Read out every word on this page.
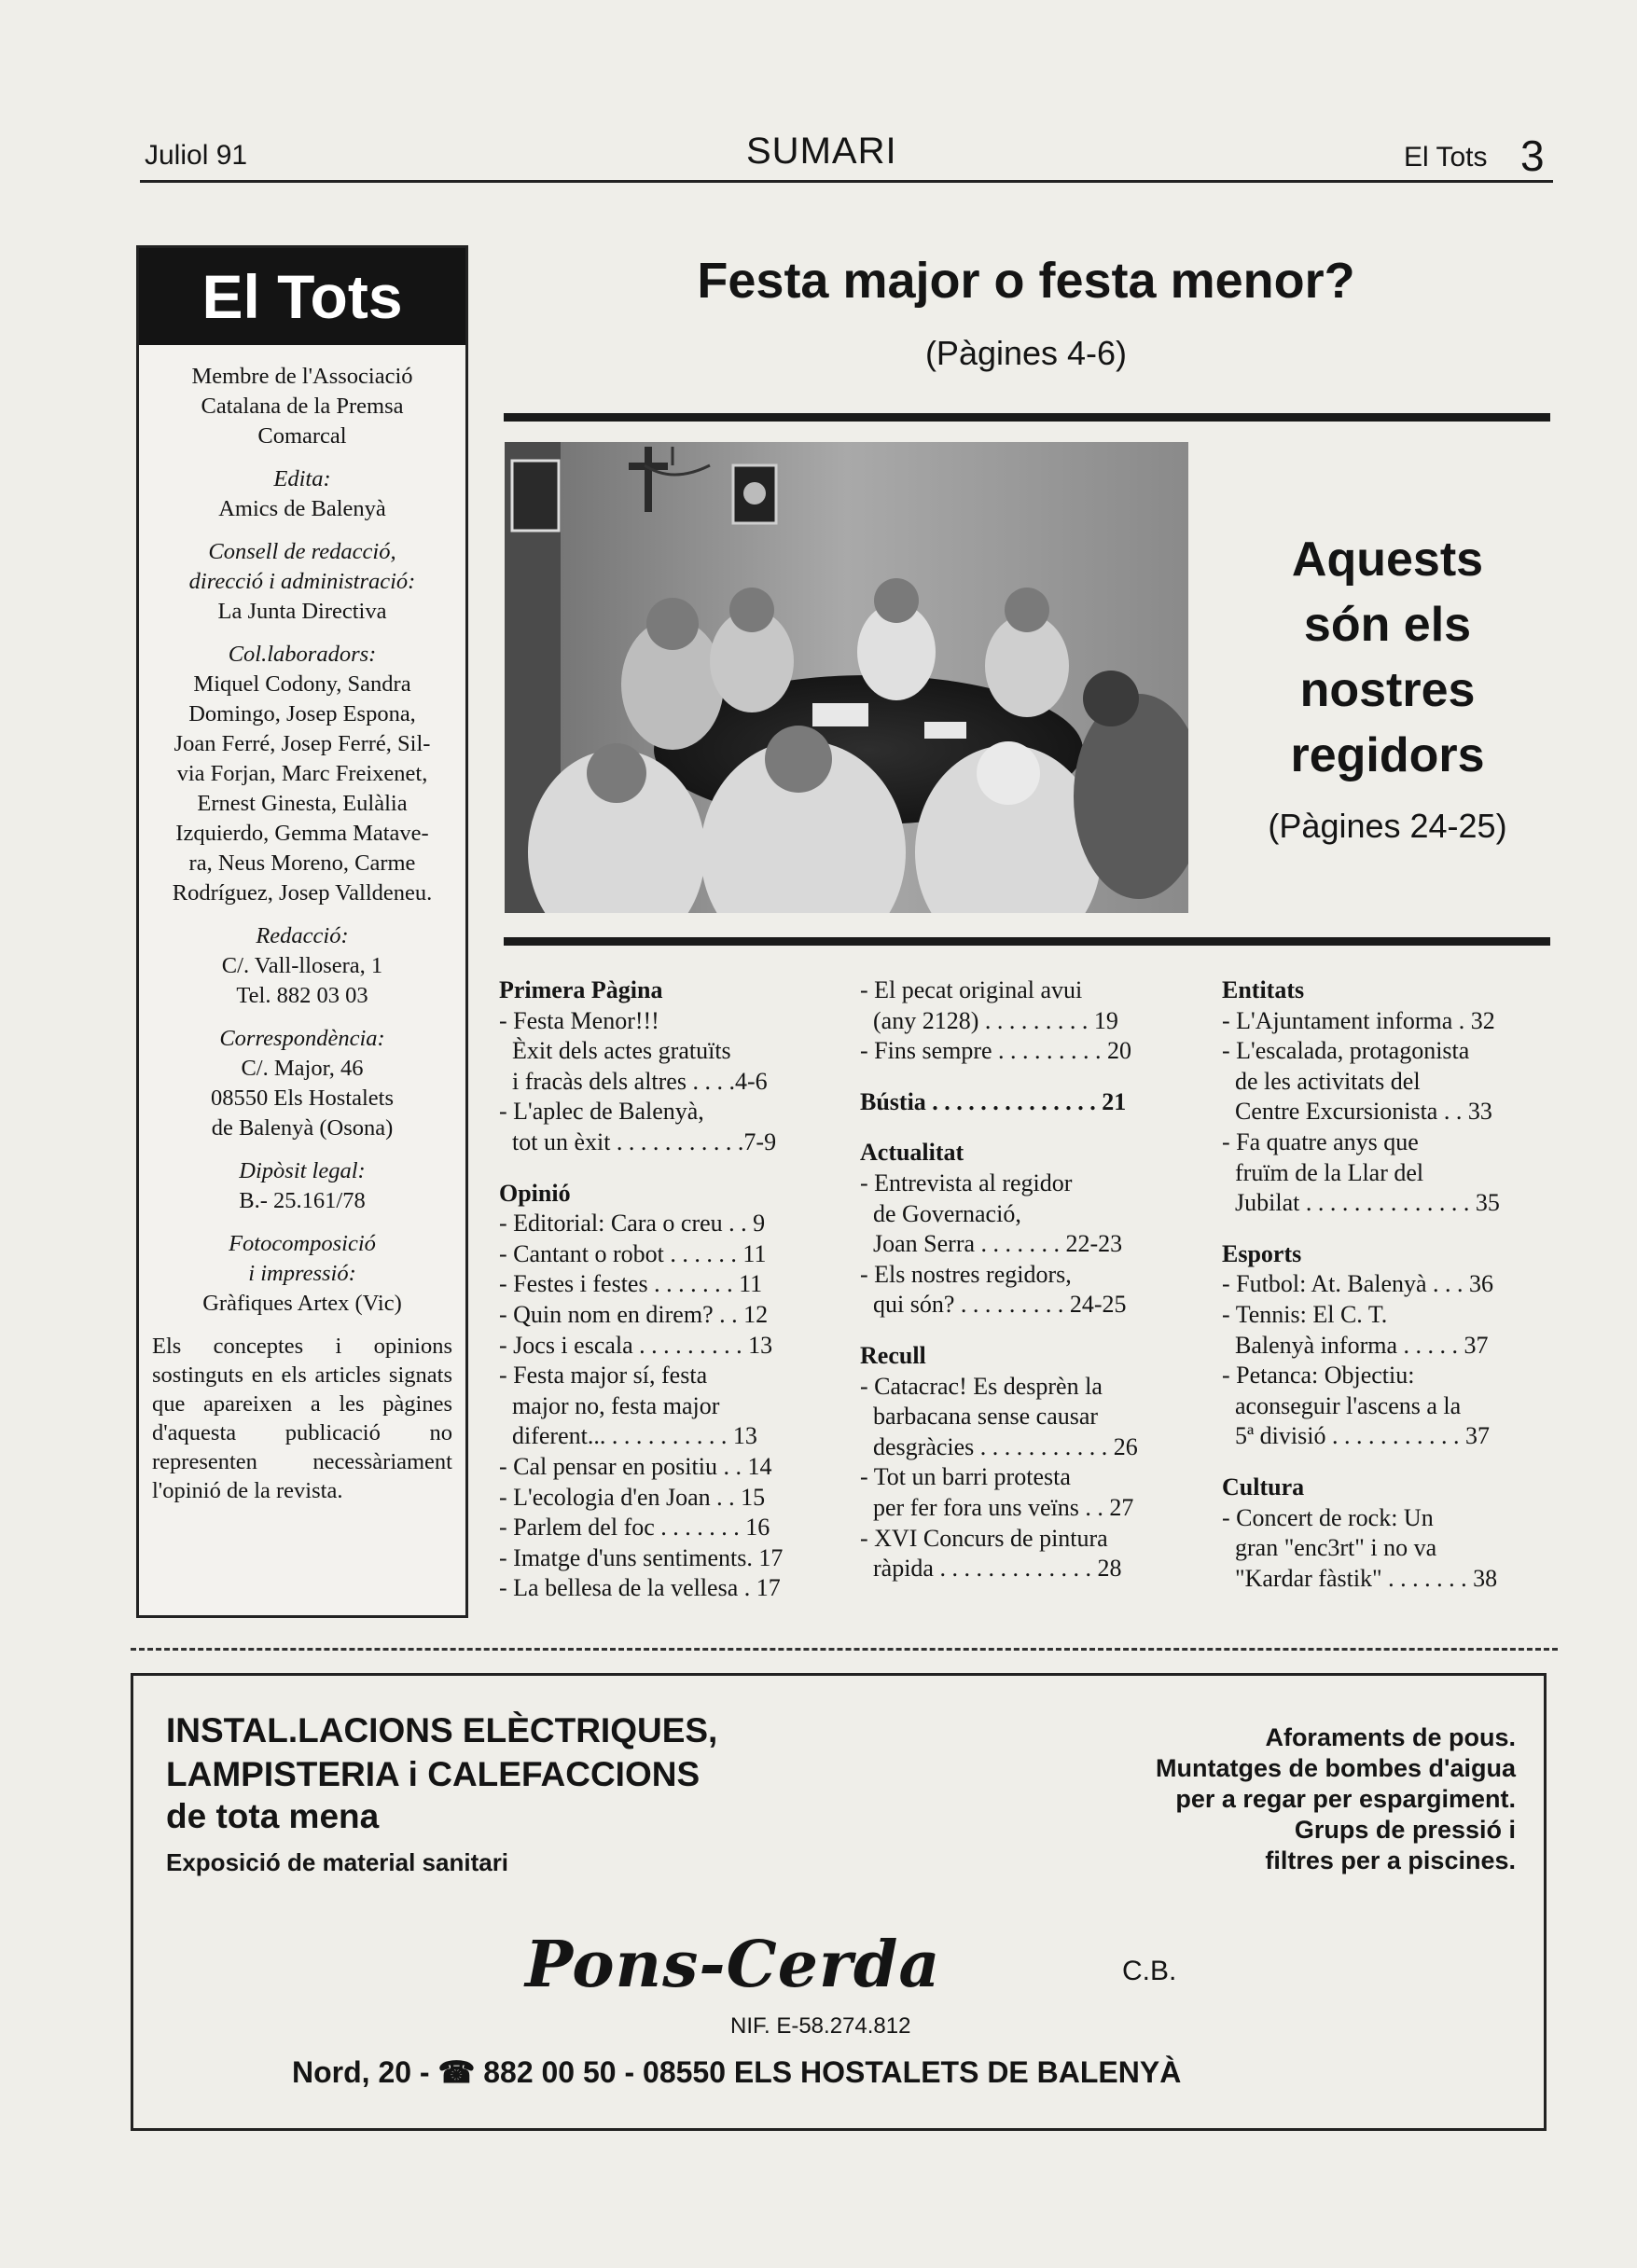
Juliol 91	SUMARI	El Tots 3
El Tots
Membre de l'Associació
Catalana de la Premsa
Comarcal
Edita:
Amics de Balenyà
Consell de redacció,
direcció i administració:
La Junta Directiva
Col.laboradors:
Miquel Codony, Sandra
Domingo, Josep Espona,
Joan Ferré, Josep Ferré, Sil-
via Forjan, Marc Freixenet,
Ernest Ginesta, Eulàlia
Izquierdo, Gemma Matave-
ra, Neus Moreno, Carme
Rodríguez, Josep Valldeneu.
Redacció:
C/. Vall-llosera, 1
Tel. 882 03 03
Correspondència:
C/. Major, 46
08550 Els Hostalets
de Balenyà (Osona)
Dipòsit legal:
B.- 25.161/78
Fotocomposició
i impressió:
Gràfiques Artex (Vic)
Els conceptes i opinions sostinguts en els articles signats que apareixen a les pàgines d'aquesta publicació no representen necessàriament l'opinió de la revista.
Festa major o festa menor?
(Pàgines 4-6)
Aquests
són els
nostres
regidors
(Pàgines 24-25)
Primera Pàgina
- Festa Menor!!!
Èxit dels actes gratuïts
i fracàs dels altres . . . .4-6
- L'aplec de Balenyà,
tot un èxit . . . . . . . . . . .7-9
Opinió
- Editorial: Cara o creu . . 9
- Cantant o robot . . . . . . 11
- Festes i festes . . . . . . . 11
- Quin nom en direm? . . 12
- Jocs i escala . . . . . . . . . 13
- Festa major sí, festa
major no, festa major
diferent... . . . . . . . . . . 13
- Cal pensar en positiu . . 14
- L'ecologia d'en Joan . . 15
- Parlem del foc . . . . . . . 16
- Imatge d'uns sentiments. 17
- La bellesa de la vellesa . 17
- El pecat original avui
(any 2128) . . . . . . . . . 19
- Fins sempre . . . . . . . . . 20
Bústia . . . . . . . . . . . . . . 21
Actualitat
- Entrevista al regidor
de Governació,
Joan Serra . . . . . . . 22-23
- Els nostres regidors,
qui són? . . . . . . . . . 24-25
Recull
- Catacrac! Es desprèn la
barbacana sense causar
desgràcies . . . . . . . . . . . 26
- Tot un barri protesta
per fer fora uns veïns . . 27
- XVI Concurs de pintura
ràpida . . . . . . . . . . . . . 28
Entitats
- L'Ajuntament informa . 32
- L'escalada, protagonista
de les activitats del
Centre Excursionista . . 33
- Fa quatre anys que
fruïm de la Llar del
Jubilat . . . . . . . . . . . . . . 35
Esports
- Futbol: At. Balenyà . . . 36
- Tennis: El C. T.
Balenyà informa . . . . . 37
- Petanca: Objectiu:
aconseguir l'ascens a la
5ª divisió . . . . . . . . . . . 37
Cultura
- Concert de rock: Un
gran "enc3rt" i no va
"Kardar fàstik" . . . . . . . 38
INSTAL.LACIONS ELÈCTRIQUES,
LAMPISTERIA i CALEFACCIONS
de tota mena
Exposició de material sanitari
Aforaments de pous.
Muntatges de bombes d'aigua
per a regar per espargiment.
Grups de pressió i
filtres per a piscines.
Pons-Cerda	C.B.
NIF. E-58.274.812
Nord, 20 - ☎ 882 00 50 - 08550 ELS HOSTALETS DE BALENYÀ
